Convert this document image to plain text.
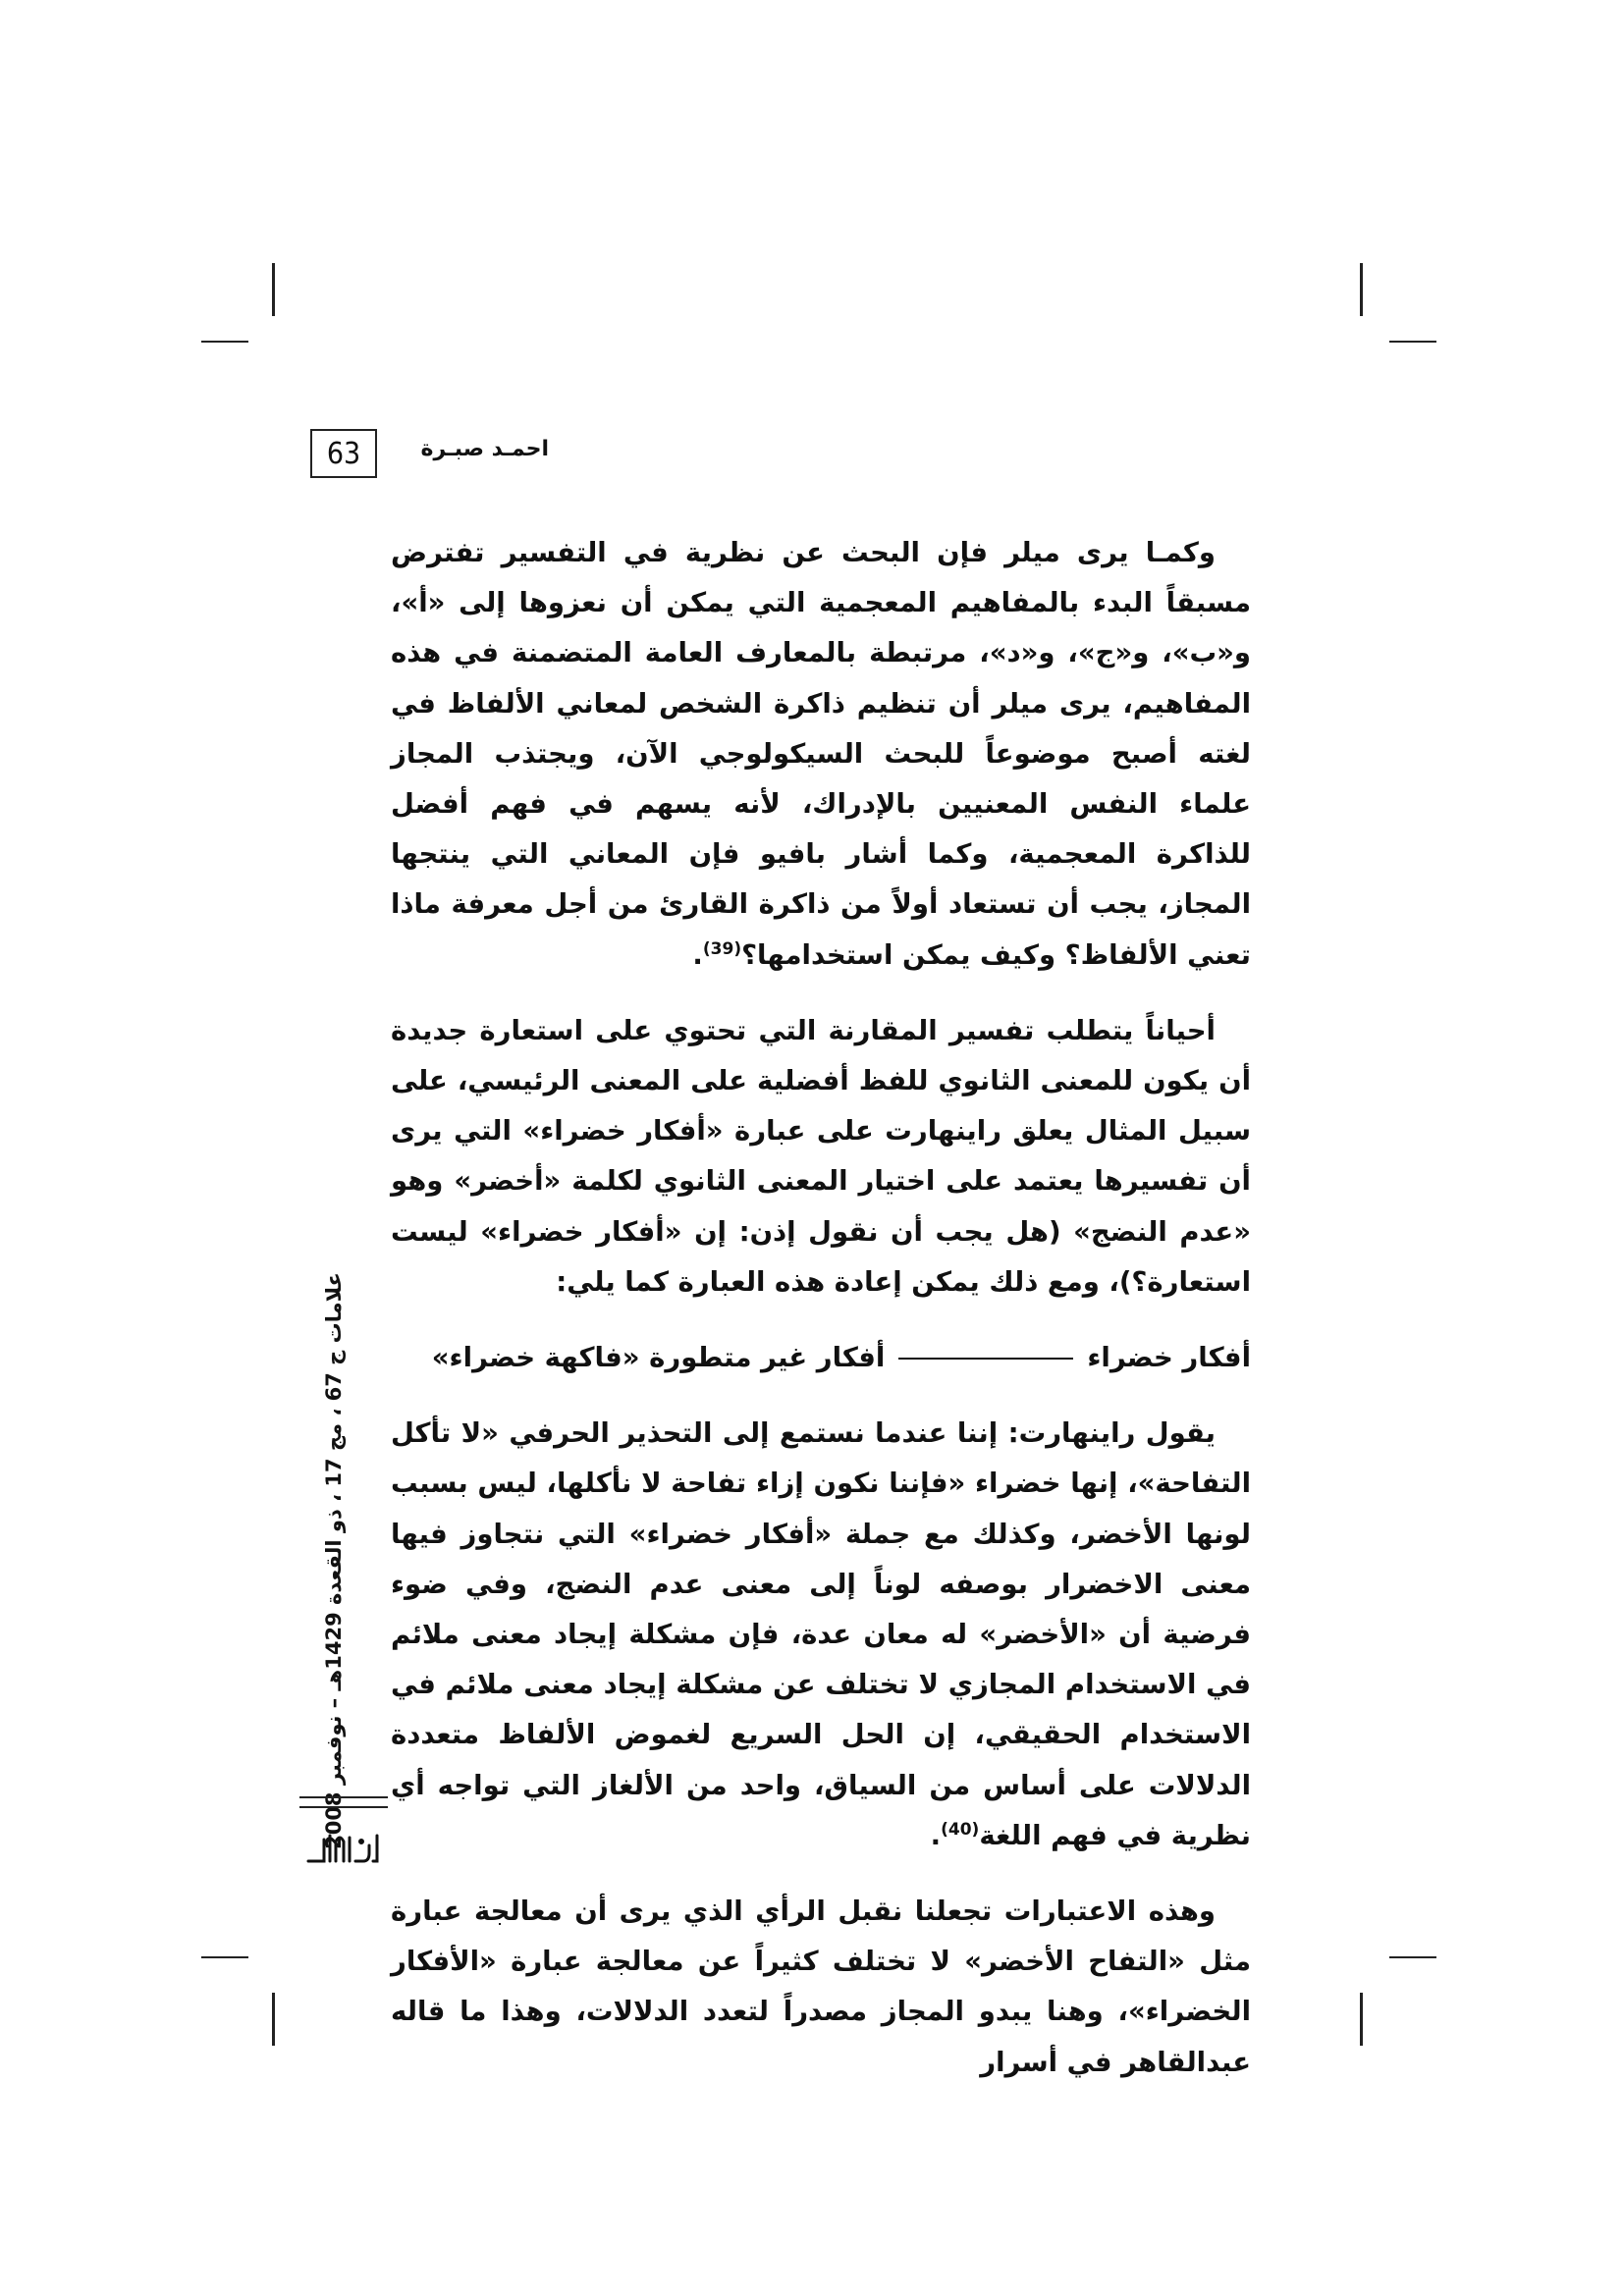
63	احمـد صبـرة

وكمـا يرى ميلر فإن البحث عن نظرية في التفسير تفترض مسبقاً البدء بالمفاهيم المعجمية التي يمكن أن نعزوها إلى «أ»، و«ب»، و«ج»، و«د»، مرتبطة بالمعارف العامة المتضمنة في هذه المفاهيم، يرى ميلر أن تنظيم ذاكرة الشخص لمعاني الألفاظ في لغته أصبح موضوعاً للبحث السيكولوجي الآن، ويجتذب المجاز علماء النفس المعنيين بالإدراك، لأنه يسهم في فهم أفضل للذاكرة المعجمية، وكما أشار بافيو فإن المعاني التي ينتجها المجاز، يجب أن تستعاد أولاً من ذاكرة القارئ من أجل معرفة ماذا تعني الألفاظ؟ وكيف يمكن استخدامها؟$^{(39)}$.

أحياناً يتطلب تفسير المقارنة التي تحتوي على استعارة جديدة أن يكون للمعنى الثانوي للفظ أفضلية على المعنى الرئيسي، على سبيل المثال يعلق راينهارت على عبارة «أفكار خضراء» التي يرى أن تفسيرها يعتمد على اختيار المعنى الثانوي لكلمة «أخضر» وهو «عدم النضج» (هل يجب أن نقول إذن: إن «أفكار خضراء» ليست استعارة؟)، ومع ذلك يمكن إعادة هذه العبارة كما يلي:

أفكار خضراء
أفكار غير متطورة «فاكهة خضراء»

يقول راينهارت: إننا عندما نستمع إلى التحذير الحرفي «لا تأكل التفاحة»، إنها خضراء «فإننا نكون إزاء تفاحة لا نأكلها، ليس بسبب لونها الأخضر، وكذلك مع جملة «أفكار خضراء» التي نتجاوز فيها معنى الاخضرار بوصفه لوناً إلى معنى عدم النضج، وفي ضوء فرضية أن «الأخضر» له معان عدة، فإن مشكلة إيجاد معنى ملائم في الاستخدام المجازي لا تختلف عن مشكلة إيجاد معنى ملائم في الاستخدام الحقيقي، إن الحل السريع لغموض الألفاظ متعددة الدلالات على أساس من السياق، واحد من الألغاز التي تواجه أي نظرية في فهم اللغة$^{(40)}$.

وهذه الاعتبارات تجعلنا نقبل الرأي الذي يرى أن معالجة عبارة مثل «التفاح الأخضر» لا تختلف كثيراً عن معالجة عبارة «الأفكار الخضراء»، وهنا يبدو المجاز مصدراً لتعدد الدلالات، وهذا ما قاله عبدالقاهر في أسرار

علامات ج 67 ، مج 17 ، ذو القعدة 1429هـ – نوفمبر 2008
